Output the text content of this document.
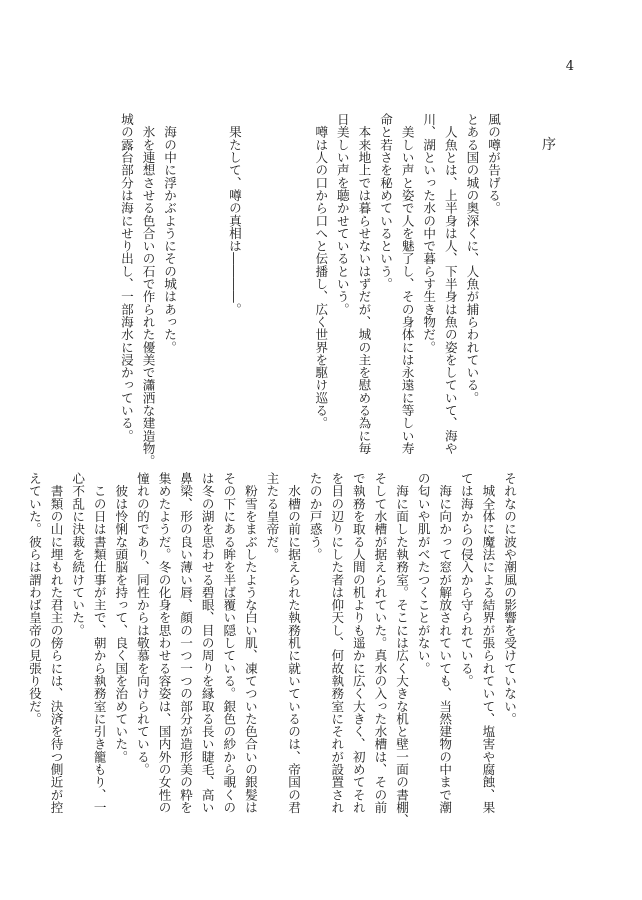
4
序
風の噂が告げる。
とある国の城の奥深くに、人魚が捕らわれている。
　人魚とは、上半身は人、下半身は魚の姿をしていて、海や
川、湖といった水の中で暮らす生き物だ。
　美しい声と姿で人を魅了し、その身体には永遠に等しい寿
命と若さを秘めているという。
　本来地上では暮らせないはずだが、城の主を慰める為に毎
日美しい声を聴かせているという。
　噂は人の口から口へと伝播し、広く世界を駆け巡る。

　果たして、噂の真相は――――。

　海の中に浮かぶようにその城はあった。
　氷を連想させる色合いの石で作られた優美で瀟洒な建造物。
城の露台部分は海にせり出し、一部海水に浸かっている。
それなのに波や潮風の影響を受けていない。
　城全体に魔法による結界が張られていて、塩害や腐蝕、果
ては海からの侵入から守られている。
　海に向かって窓が解放されていても、当然建物の中まで潮
の匂いや肌がべたつくことがない。
　海に面した執務室。そこには広く大きな机と壁一面の書棚、
そして水槽が据えられていた。真水の入った水槽は、その前
で執務を取る人間の机よりも遥かに広く大きく、初めてそれ
を目の辺りにした者は仰天し、何故執務室にそれが設置され
たのか戸惑う。
　水槽の前に据えられた執務机に就いているのは、帝国の君
主たる皇帝だ。
　粉雪をまぶしたような白い肌、凍てついた色合いの銀髪は
その下にある眸を半ば覆い隠している。銀色の紗から覗くの
は冬の湖を思わせる碧眼、目の周りを縁取る長い睫毛、高い
鼻梁、形の良い薄い唇、顔の一つ一つの部分が造形美の粋を
集めたようだ。冬の化身を思わせる容姿は、国内外の女性の
憧れの的であり、同性からは敬慕を向けられている。
　彼は怜悧な頭脳を持って、良く国を治めていた。
　この日は書類仕事が主で、朝から執務室に引き籠もり、一
心不乱に決裁を続けていた。
　書類の山に埋もれた君主の傍らには、決済を待つ側近が控
えていた。彼らは謂わば皇帝の見張り役だ。
